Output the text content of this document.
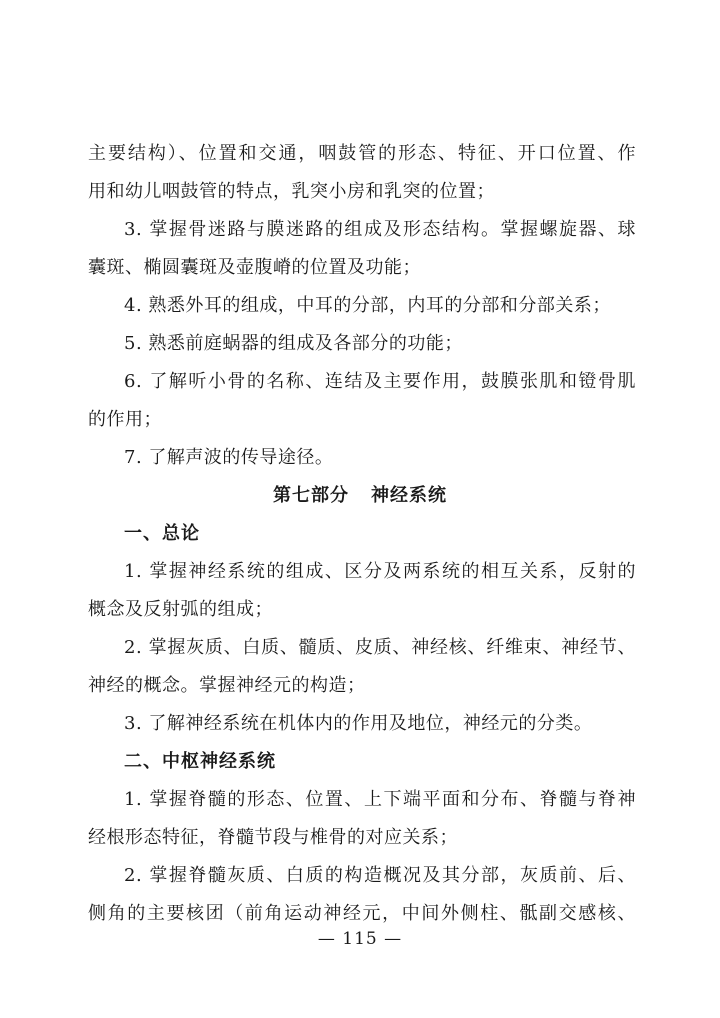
主要结构）、位置和交通，咽鼓管的形态、特征、开口位置、作
用和幼儿咽鼓管的特点，乳突小房和乳突的位置；
3. 掌握骨迷路与膜迷路的组成及形态结构。掌握螺旋器、球
囊斑、椭圆囊斑及壶腹嵴的位置及功能；
4. 熟悉外耳的组成，中耳的分部，内耳的分部和分部关系；
5. 熟悉前庭蜗器的组成及各部分的功能；
6. 了解听小骨的名称、连结及主要作用，鼓膜张肌和镫骨肌
的作用；
7. 了解声波的传导途径。
第七部分 神经系统
一、总论
1. 掌握神经系统的组成、区分及两系统的相互关系，反射的
概念及反射弧的组成；
2. 掌握灰质、白质、髓质、皮质、神经核、纤维束、神经节、
神经的概念。掌握神经元的构造；
3. 了解神经系统在机体内的作用及地位，神经元的分类。
二、中枢神经系统
1. 掌握脊髓的形态、位置、上下端平面和分布、脊髓与脊神
经根形态特征，脊髓节段与椎骨的对应关系；
2. 掌握脊髓灰质、白质的构造概况及其分部，灰质前、后、
侧角的主要核团（前角运动神经元，中间外侧柱、骶副交感核、
— 115 —
